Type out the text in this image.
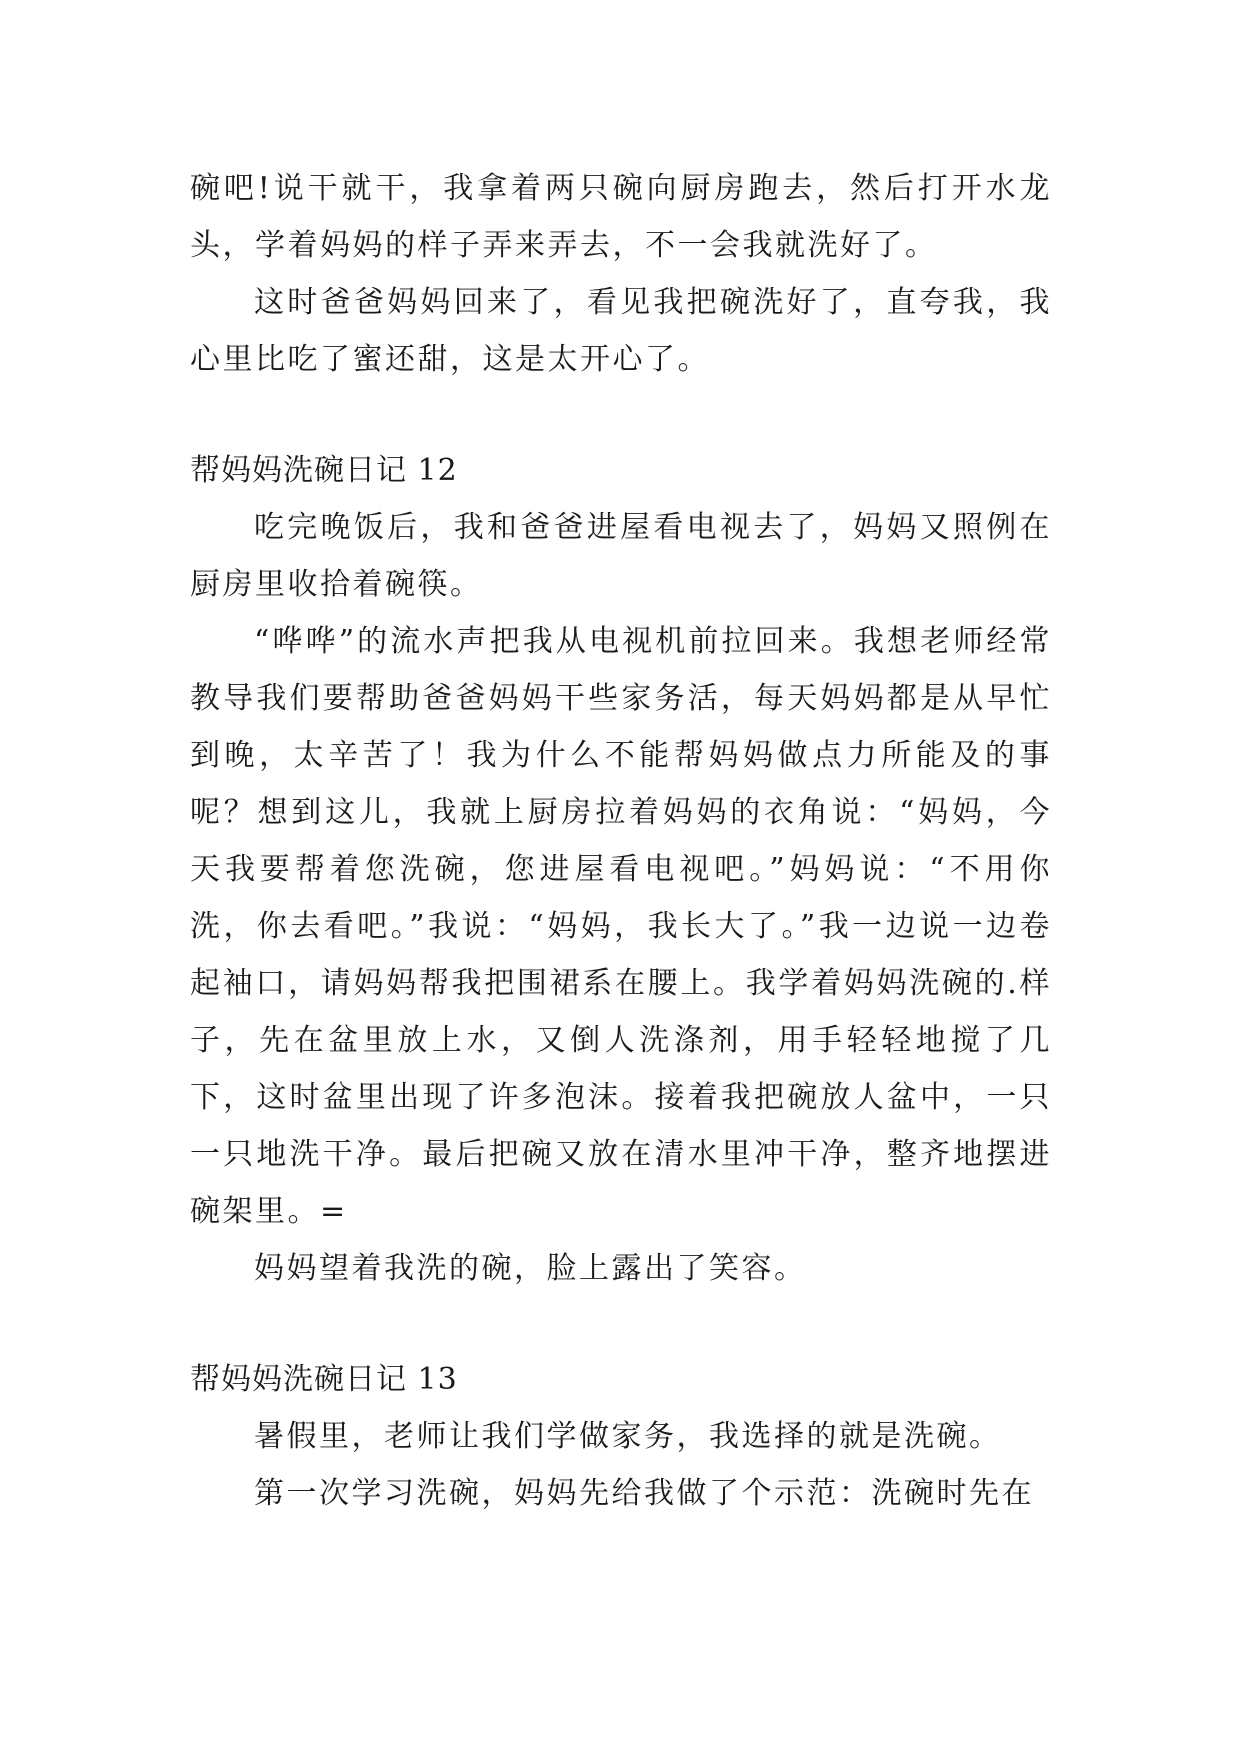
碗吧!说干就干，我拿着两只碗向厨房跑去，然后打开水龙头，学着妈妈的样子弄来弄去，不一会我就洗好了。

这时爸爸妈妈回来了，看见我把碗洗好了，直夸我，我心里比吃了蜜还甜，这是太开心了。

帮妈妈洗碗日记 12

吃完晚饭后，我和爸爸进屋看电视去了，妈妈又照例在厨房里收拾着碗筷。

“哗哗”的流水声把我从电视机前拉回来。我想老师经常教导我们要帮助爸爸妈妈干些家务活，每天妈妈都是从早忙到晚，太辛苦了！我为什么不能帮妈妈做点力所能及的事呢？想到这儿，我就上厨房拉着妈妈的衣角说：“妈妈，今天我要帮着您洗碗，您进屋看电视吧。”妈妈说：“不用你洗，你去看吧。”我说：“妈妈，我长大了。”我一边说一边卷起袖口，请妈妈帮我把围裙系在腰上。我学着妈妈洗碗的.样子，先在盆里放上水，又倒人洗涤剂，用手轻轻地搅了几下，这时盆里出现了许多泡沫。接着我把碗放人盆中，一只一只地洗干净。最后把碗又放在清水里冲干净，整齐地摆进碗架里。=

妈妈望着我洗的碗，脸上露出了笑容。

帮妈妈洗碗日记 13

暑假里，老师让我们学做家务，我选择的就是洗碗。

第一次学习洗碗，妈妈先给我做了个示范：洗碗时先在
